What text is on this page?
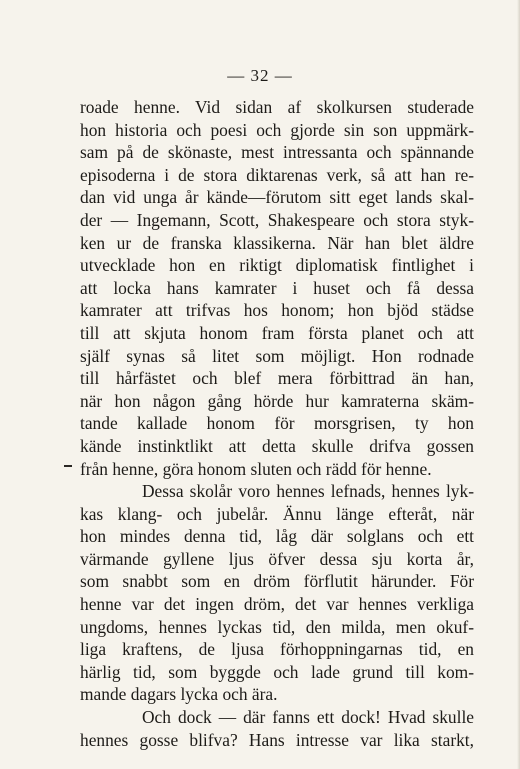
— 32 —
roade henne. Vid sidan af skolkursen studerade
hon historia och poesi och gjorde sin son uppmärk-
sam på de skönaste, mest intressanta och spännande
episoderna i de stora diktarenas verk, så att han re-
dan vid unga år kände—förutom sitt eget lands skal-
der — Ingemann, Scott, Shakespeare och stora styk-
ken ur de franska klassikerna. När han blet äldre
utvecklade hon en riktigt diplomatisk fintlighet i
att locka hans kamrater i huset och få dessa
kamrater att trifvas hos honom; hon bjöd städse
till att skjuta honom fram första planet och att
själf synas så litet som möjligt. Hon rodnade
till hårfästet och blef mera förbittrad än han,
när hon någon gång hörde hur kamraterna skäm-
tande kallade honom för morsgrisen, ty hon
kände instinktlikt att detta skulle drifva gossen
från henne, göra honom sluten och rädd för henne.
Dessa skolår voro hennes lefnads, hennes lyk-
kas klang- och jubelår. Ännu länge efteråt, när
hon mindes denna tid, låg där solglans och ett
värmande gyllene ljus öfver dessa sju korta år,
som snabbt som en dröm förflutit härunder. För
henne var det ingen dröm, det var hennes verkliga
ungdoms, hennes lyckas tid, den milda, men okuf-
liga kraftens, de ljusa förhoppningarnas tid, en
härlig tid, som byggde och lade grund till kom-
mande dagars lycka och ära.
Och dock — där fanns ett dock! Hvad skulle
hennes gosse blifva? Hans intresse var lika starkt,
